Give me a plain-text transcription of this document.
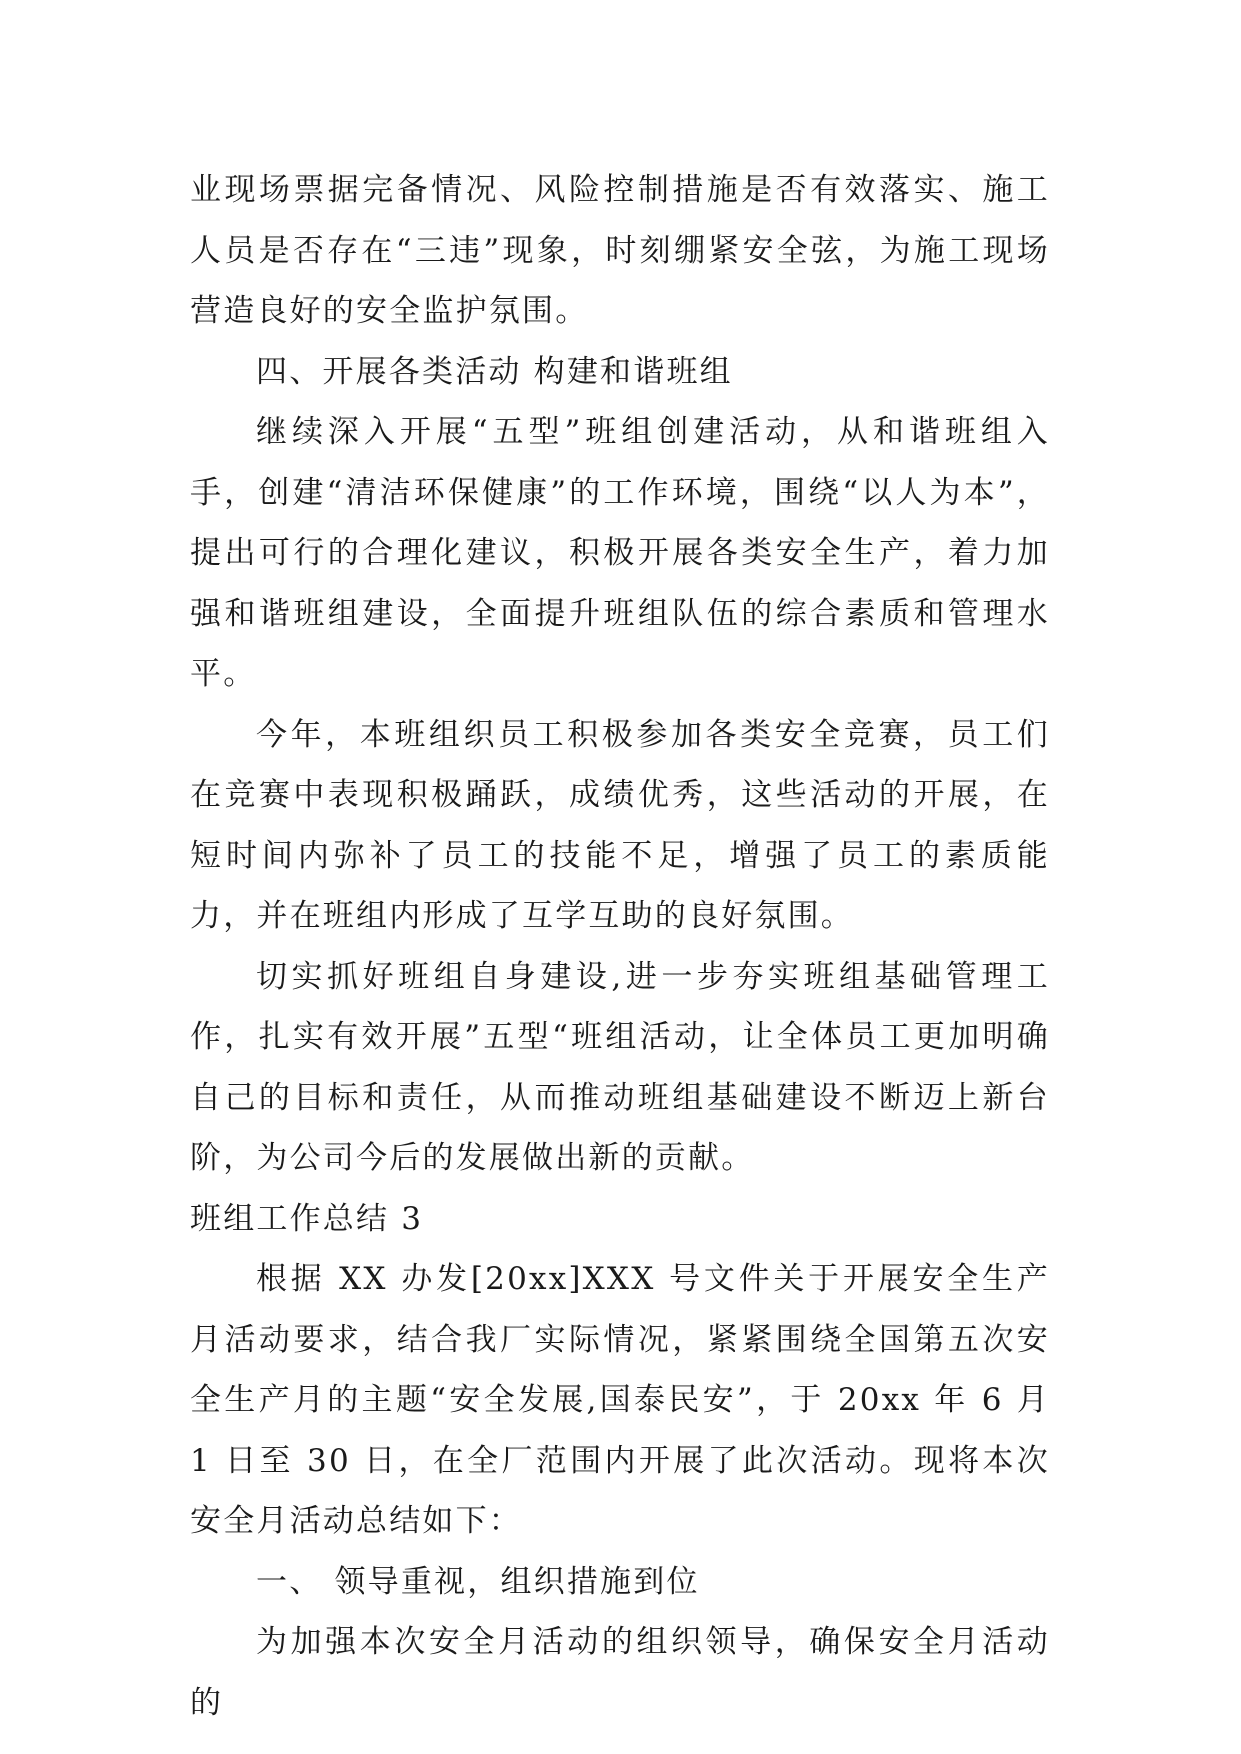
业现场票据完备情况、风险控制措施是否有效落实、施工人员是否存在“三违”现象，时刻绷紧安全弦，为施工现场营造良好的安全监护氛围。

四、开展各类活动 构建和谐班组

继续深入开展“五型”班组创建活动，从和谐班组入手，创建“清洁环保健康”的工作环境，围绕“以人为本”，提出可行的合理化建议，积极开展各类安全生产，着力加强和谐班组建设，全面提升班组队伍的综合素质和管理水平。

今年，本班组织员工积极参加各类安全竞赛，员工们在竞赛中表现积极踊跃，成绩优秀，这些活动的开展，在短时间内弥补了员工的技能不足，增强了员工的素质能力，并在班组内形成了互学互助的良好氛围。

切实抓好班组自身建设,进一步夯实班组基础管理工作，扎实有效开展”五型“班组活动，让全体员工更加明确自己的目标和责任，从而推动班组基础建设不断迈上新台阶，为公司今后的发展做出新的贡献。

班组工作总结 3

根据 XX 办发[20xx]XXX 号文件关于开展安全生产月活动要求，结合我厂实际情况，紧紧围绕全国第五次安全生产月的主题“安全发展,国泰民安”，于 20xx 年 6 月 1 日至 30 日，在全厂范围内开展了此次活动。现将本次安全月活动总结如下：

一、 领导重视，组织措施到位

为加强本次安全月活动的组织领导，确保安全月活动的
